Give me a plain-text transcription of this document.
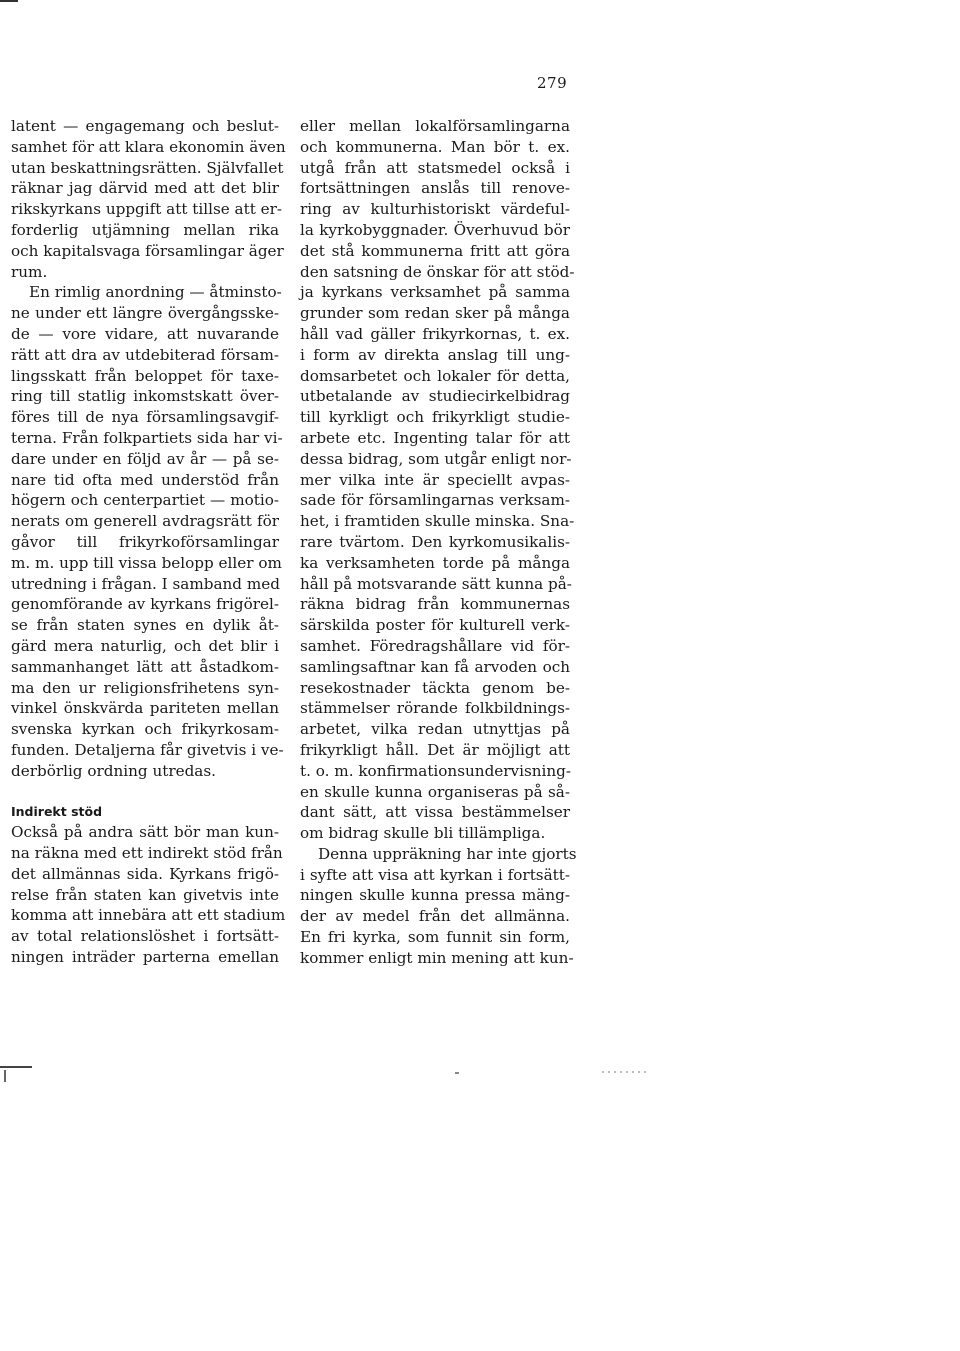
279
latent — engagemang och beslut-
samhet för att klara ekonomin även
utan beskattningsrätten. Självfallet
räknar jag därvid med att det blir
rikskyrkans uppgift att tillse att er-
forderlig utjämning mellan rika
och kapitalsvaga församlingar äger
rum.
En rimlig anordning — åtminsto-
ne under ett längre övergångsske-
de — vore vidare, att nuvarande
rätt att dra av utdebiterad försam-
lingsskatt från beloppet för taxe-
ring till statlig inkomstskatt över-
föres till de nya församlingsavgif-
terna. Från folkpartiets sida har vi-
dare under en följd av år — på se-
nare tid ofta med understöd från
högern och centerpartiet — motio-
nerats om generell avdragsrätt för
gåvor till frikyrkoförsamlingar
m. m. upp till vissa belopp eller om
utredning i frågan. I samband med
genomförande av kyrkans frigörel-
se från staten synes en dylik åt-
gärd mera naturlig, och det blir i
sammanhanget lätt att åstadkom-
ma den ur religionsfrihetens syn-
vinkel önskvärda pariteten mellan
svenska kyrkan och frikyrkosam-
funden. Detaljerna får givetvis i ve-
derbörlig ordning utredas.
Indirekt stöd
Också på andra sätt bör man kun-
na räkna med ett indirekt stöd från
det allmännas sida. Kyrkans frigö-
relse från staten kan givetvis inte
komma att innebära att ett stadium
av total relationslöshet i fortsätt-
ningen inträder parterna emellan
eller mellan lokalförsamlingarna
och kommunerna. Man bör t. ex.
utgå från att statsmedel också i
fortsättningen anslås till renove-
ring av kulturhistoriskt värdeful-
la kyrkobyggnader. Överhuvud bör
det stå kommunerna fritt att göra
den satsning de önskar för att stöd-
ja kyrkans verksamhet på samma
grunder som redan sker på många
håll vad gäller frikyrkornas, t. ex.
i form av direkta anslag till ung-
domsarbetet och lokaler för detta,
utbetalande av studiecirkelbidrag
till kyrkligt och frikyrkligt studie-
arbete etc. Ingenting talar för att
dessa bidrag, som utgår enligt nor-
mer vilka inte är speciellt avpas-
sade för församlingarnas verksam-
het, i framtiden skulle minska. Sna-
rare tvärtom. Den kyrkomusikalis-
ka verksamheten torde på många
håll på motsvarande sätt kunna på-
räkna bidrag från kommunernas
särskilda poster för kulturell verk-
samhet. Föredragshållare vid för-
samlingsaftnar kan få arvoden och
resekostnader täckta genom be-
stämmelser rörande folkbildnings-
arbetet, vilka redan utnyttjas på
frikyrkligt håll. Det är möjligt att
t. o. m. konfirmationsundervisning-
en skulle kunna organiseras på så-
dant sätt, att vissa bestämmelser
om bidrag skulle bli tillämpliga.
Denna uppräkning har inte gjorts
i syfte att visa att kyrkan i fortsätt-
ningen skulle kunna pressa mäng-
der av medel från det allmänna.
En fri kyrka, som funnit sin form,
kommer enligt min mening att kun-
